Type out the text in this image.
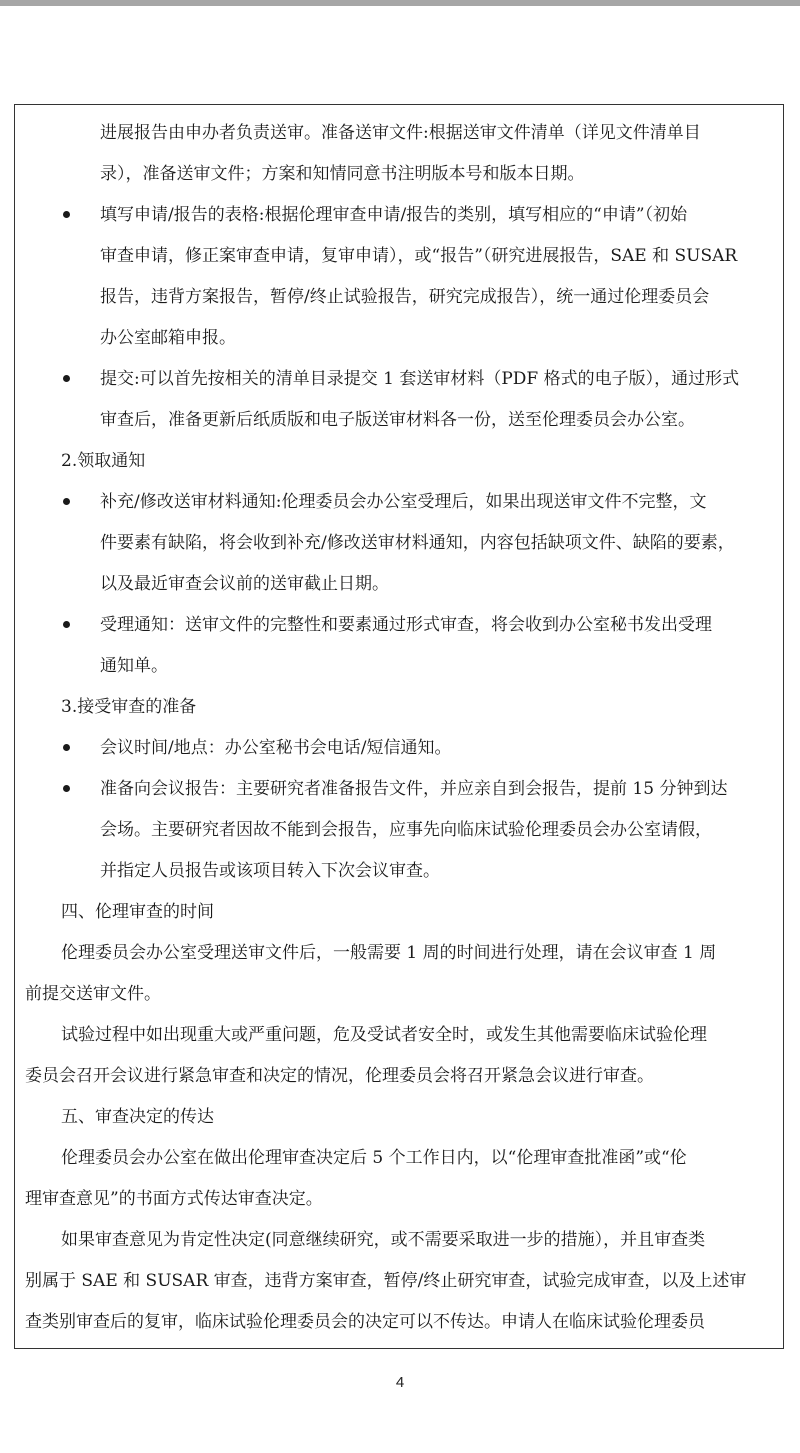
进展报告由申办者负责送审。准备送审文件:根据送审文件清单（详见文件清单目
录），准备送审文件；方案和知情同意书注明版本号和版本日期。
填写申请/报告的表格:根据伦理审查申请/报告的类别，填写相应的“申请”（初始
审查申请，修正案审查申请，复审申请），或“报告”（研究进展报告，SAE 和 SUSAR
报告，违背方案报告，暂停/终止试验报告，研究完成报告），统一通过伦理委员会
办公室邮箱申报。
提交:可以首先按相关的清单目录提交 1 套送审材料（PDF 格式的电子版），通过形式
审查后，准备更新后纸质版和电子版送审材料各一份，送至伦理委员会办公室。
2.领取通知
补充/修改送审材料通知:伦理委员会办公室受理后，如果出现送审文件不完整，文
件要素有缺陷，将会收到补充/修改送审材料通知，内容包括缺项文件、缺陷的要素，
以及最近审查会议前的送审截止日期。
受理通知：送审文件的完整性和要素通过形式审查，将会收到办公室秘书发出受理
通知单。
3.接受审查的准备
会议时间/地点：办公室秘书会电话/短信通知。
准备向会议报告：主要研究者准备报告文件，并应亲自到会报告，提前 15 分钟到达
会场。主要研究者因故不能到会报告，应事先向临床试验伦理委员会办公室请假，
并指定人员报告或该项目转入下次会议审查。
四、伦理审查的时间
伦理委员会办公室受理送审文件后，一般需要 1 周的时间进行处理，请在会议审查 1 周
前提交送审文件。
试验过程中如出现重大或严重问题，危及受试者安全时，或发生其他需要临床试验伦理
委员会召开会议进行紧急审查和决定的情况，伦理委员会将召开紧急会议进行审查。
五、审查决定的传达
伦理委员会办公室在做出伦理审查决定后 5 个工作日内，以“伦理审查批准函”或“伦
理审查意见”的书面方式传达审查决定。
如果审查意见为肯定性决定(同意继续研究，或不需要采取进一步的措施），并且审查类
别属于 SAE 和 SUSAR 审查，违背方案审查，暂停/终止研究审查，试验完成审查，以及上述审
查类别审查后的复审，临床试验伦理委员会的决定可以不传达。申请人在临床试验伦理委员
4
